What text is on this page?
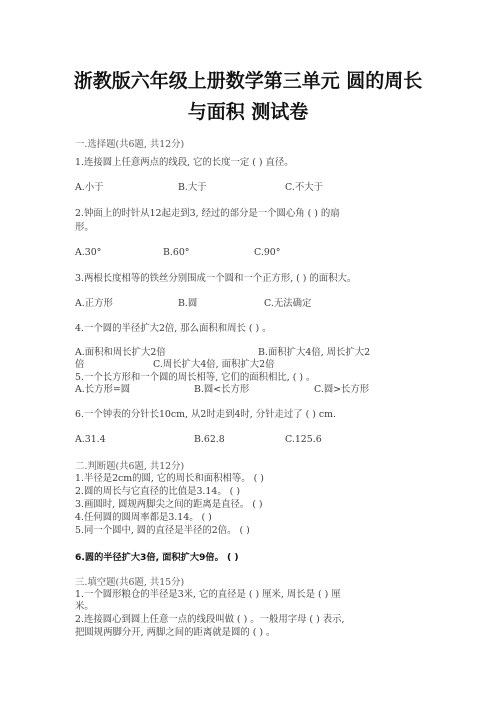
浙教版六年级上册数学第三单元 圆的周长
与面积 测试卷
一.选择题(共6题, 共12分)
1.连接圆上任意两点的线段, 它的长度一定 ( ) 直径。
A.小于	B.大于	C.不大于
2.钟面上的时针从12起走到3, 经过的部分是一个圆心角 ( ) 的扇
形。
A.30°	B.60°	C.90°
3.两根长度相等的铁丝分别围成一个圆和一个正方形, ( ) 的面积大。
A.正方形	B.圆	C.无法确定
4.一个圆的半径扩大2倍, 那么面积和周长 ( ) 。
A.面积和周长扩大2倍	B.面积扩大4倍, 周长扩大2
倍	C.周长扩大4倍, 面积扩大2倍
5.一个长方形和一个圆的周长相等, 它们的面积相比, ( ) 。
A.长方形=圆	B.圆<长方形	C.圆>长方形
6.一个钟表的分针长10cm, 从2时走到4时, 分针走过了 ( ) cm.
A.31.4	B.62.8	C.125.6
二.判断题(共6题, 共12分)
1.半径是2cm的圆, 它的周长和面积相等。 ( )
2.圆的周长与它直径的比值是3.14。 ( )
3.画圆时, 圆规两脚尖之间的距离是直径。 ( )
4.任何圆的圆周率都是3.14。 ( )
5.同一个圆中, 圆的直径是半径的2倍。 ( )
6.圆的半径扩大3倍, 面积扩大9倍。 ( )
三.填空题(共6题, 共15分)
1.一个圆形粮仓的半径是3米, 它的直径是 ( ) 厘米, 周长是 ( ) 厘
米。
2.连接圆心到圆上任意一点的线段叫做 ( ) 。一般用字母 ( ) 表示,
把圆规两脚分开, 两脚之间的距离就是圆的 ( ) 。
